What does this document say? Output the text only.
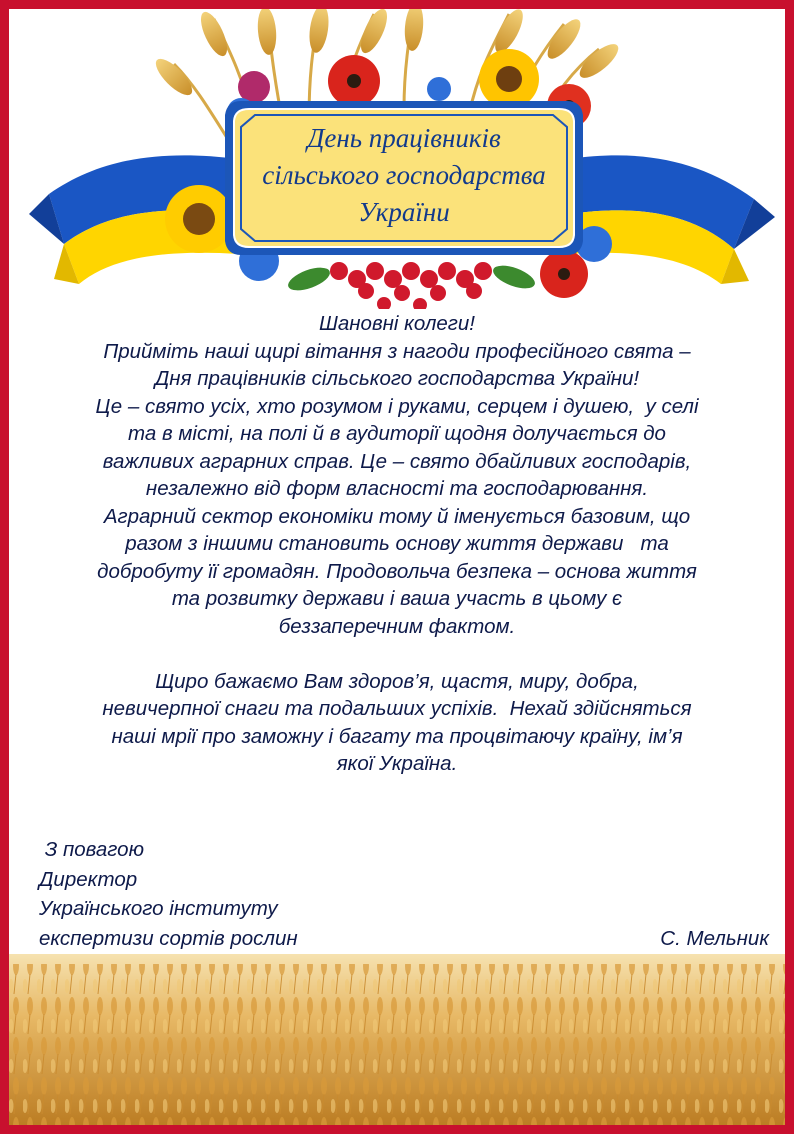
День працівників
сільського господарства
України
Шановні колеги!
Прийміть наші щирі вітання з нагоди професійного свята –
Дня працівників сільського господарства України!
Це – свято усіх, хто розумом і руками, серцем і душею,  у селі
та в місті, на полі й в аудиторії щодня долучається до
важливих аграрних справ. Це – свято дбайливих господарів,
незалежно від форм власності та господарювання.
Аграрний сектор економіки тому й іменується базовим, що
разом з іншими становить основу життя держави   та
добробуту її громадян. Продовольча безпека – основа життя
та розвитку держави і ваша участь в цьому є
беззаперечним фактом.
Щиро бажаємо Вам здоров’я, щастя, миру, добра,
невичерпної снаги та подальших успіхів.  Нехай здійсняться
наші мрії про заможну і багату та процвітаючу країну, ім’я
якої Україна.
З повагою
Директор
Українського інституту
експертизи сортів рослин	С. Мельник
